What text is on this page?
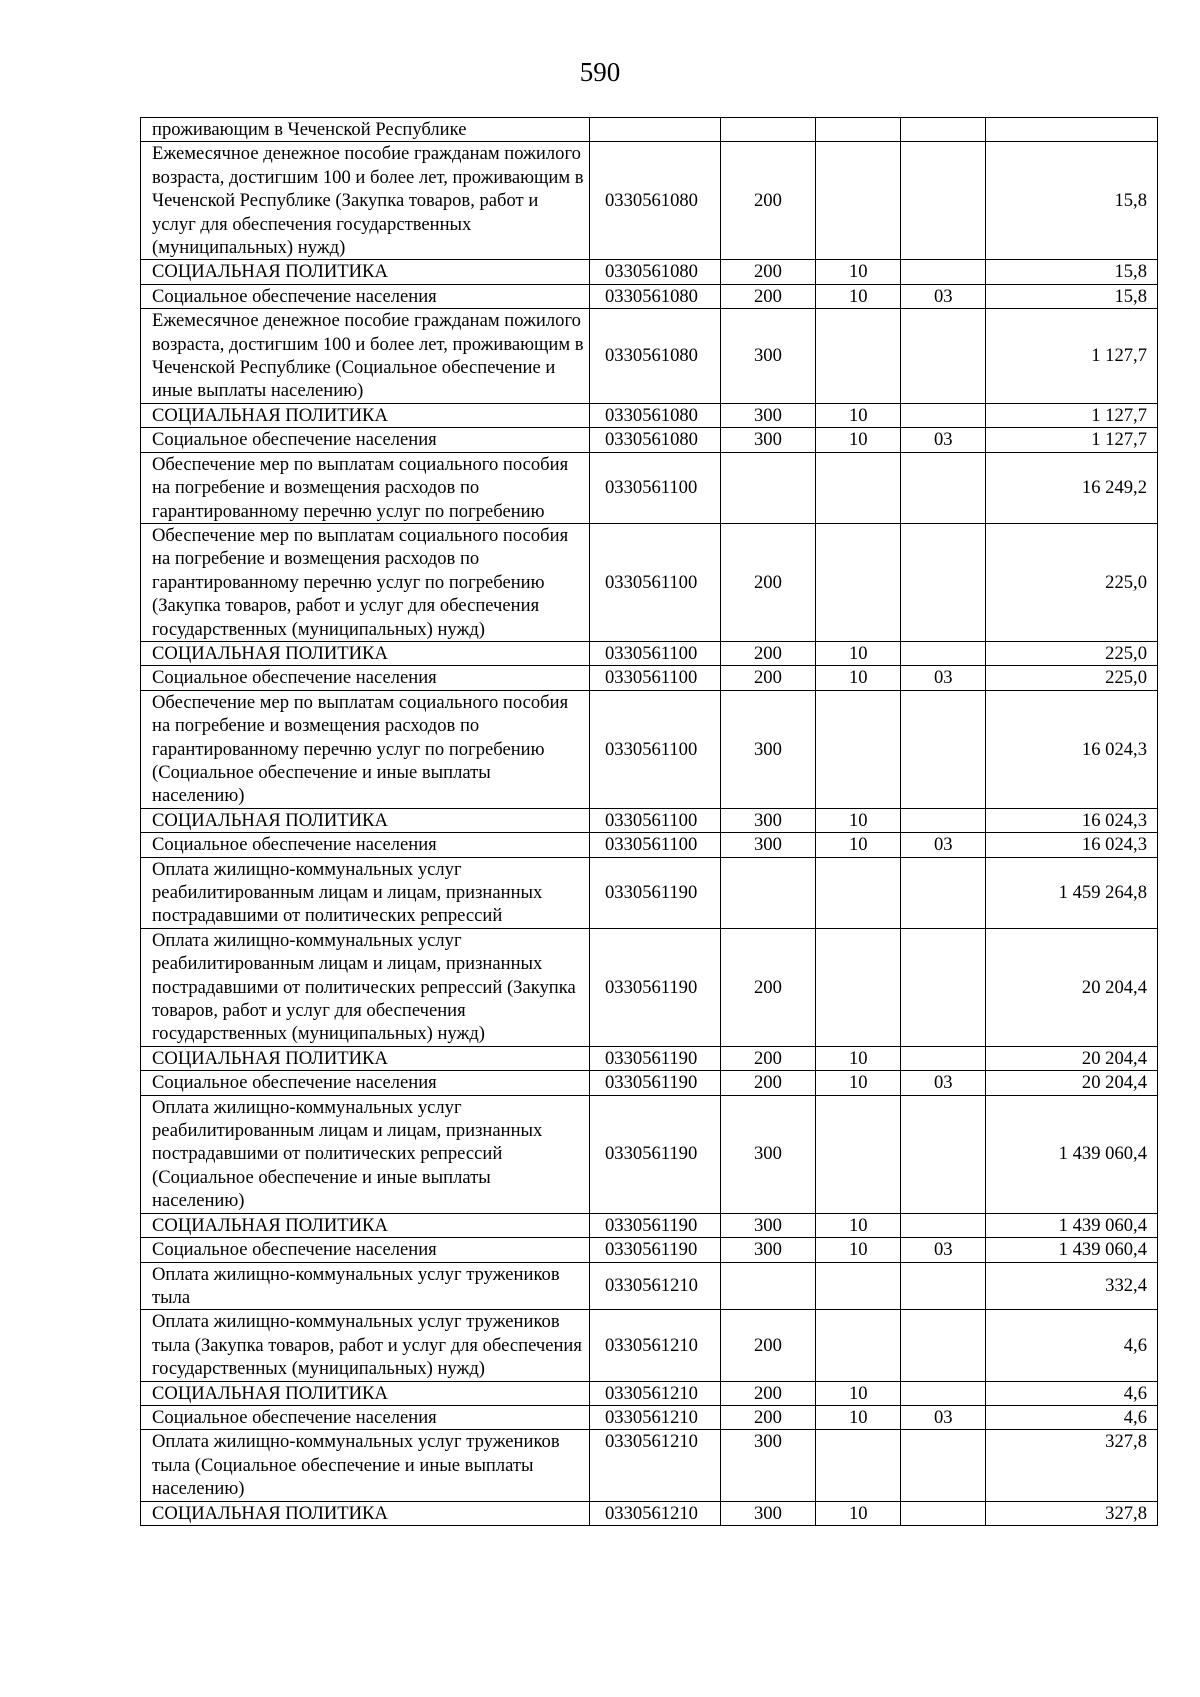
590
проживающим в Чеченской Республике					
Ежемесячное денежное пособие гражданам пожилого возраста, достигшим 100 и более лет, проживающим в Чеченской Республике (Закупка товаров, работ и услуг для обеспечения государственных (муниципальных) нужд)	0330561080	200			15,8
СОЦИАЛЬНАЯ ПОЛИТИКА	0330561080	200	10		15,8
Социальное обеспечение населения	0330561080	200	10	03	15,8
Ежемесячное денежное пособие гражданам пожилого возраста, достигшим 100 и более лет, проживающим в Чеченской Республике (Социальное обеспечение и иные выплаты населению)	0330561080	300			1 127,7
СОЦИАЛЬНАЯ ПОЛИТИКА	0330561080	300	10		1 127,7
Социальное обеспечение населения	0330561080	300	10	03	1 127,7
Обеспечение мер по выплатам социального пособия на погребение и возмещения расходов по гарантированному перечню услуг по погребению	0330561100				16 249,2
Обеспечение мер по выплатам социального пособия на погребение и возмещения расходов по гарантированному перечню услуг по погребению (Закупка товаров, работ и услуг для обеспечения государственных (муниципальных) нужд)	0330561100	200			225,0
СОЦИАЛЬНАЯ ПОЛИТИКА	0330561100	200	10		225,0
Социальное обеспечение населения	0330561100	200	10	03	225,0
Обеспечение мер по выплатам социального пособия на погребение и возмещения расходов по гарантированному перечню услуг по погребению (Социальное обеспечение и иные выплаты населению)	0330561100	300			16 024,3
СОЦИАЛЬНАЯ ПОЛИТИКА	0330561100	300	10		16 024,3
Социальное обеспечение населения	0330561100	300	10	03	16 024,3
Оплата жилищно-коммунальных услуг реабилитированным лицам и лицам, признанных пострадавшими от политических репрессий	0330561190				1 459 264,8
Оплата жилищно-коммунальных услуг реабилитированным лицам и лицам, признанных пострадавшими от политических репрессий (Закупка товаров, работ и услуг для обеспечения государственных (муниципальных) нужд)	0330561190	200			20 204,4
СОЦИАЛЬНАЯ ПОЛИТИКА	0330561190	200	10		20 204,4
Социальное обеспечение населения	0330561190	200	10	03	20 204,4
Оплата жилищно-коммунальных услуг реабилитированным лицам и лицам, признанных пострадавшими от политических репрессий (Социальное обеспечение и иные выплаты населению)	0330561190	300			1 439 060,4
СОЦИАЛЬНАЯ ПОЛИТИКА	0330561190	300	10		1 439 060,4
Социальное обеспечение населения	0330561190	300	10	03	1 439 060,4
Оплата жилищно-коммунальных услуг тружеников тыла	0330561210				332,4
Оплата жилищно-коммунальных услуг тружеников тыла (Закупка товаров, работ и услуг для обеспечения государственных (муниципальных) нужд)	0330561210	200			4,6
СОЦИАЛЬНАЯ ПОЛИТИКА	0330561210	200	10		4,6
Социальное обеспечение населения	0330561210	200	10	03	4,6
Оплата жилищно-коммунальных услуг тружеников тыла (Социальное обеспечение и иные выплаты населению)	0330561210	300			327,8
СОЦИАЛЬНАЯ ПОЛИТИКА	0330561210	300	10		327,8
